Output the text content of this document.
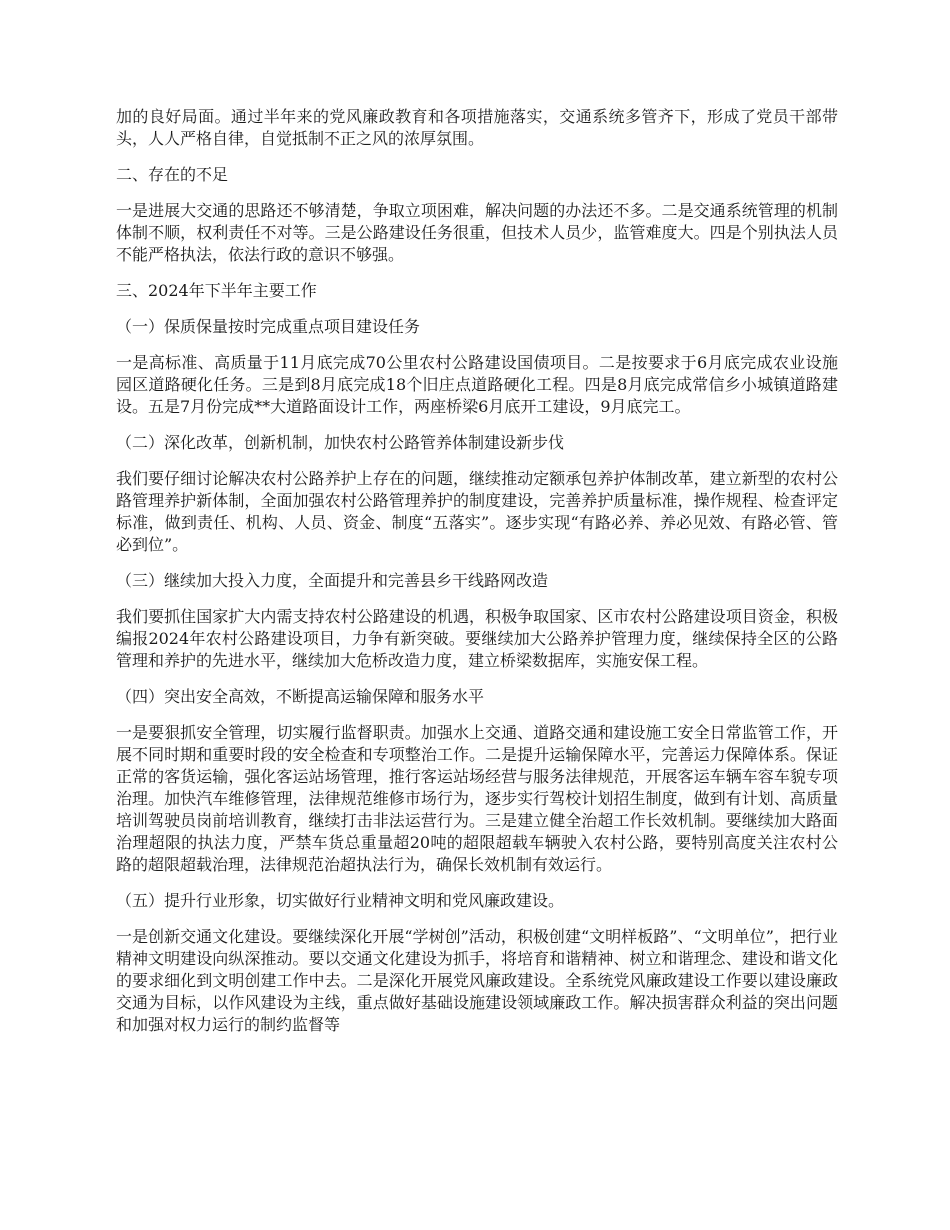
加的良好局面。通过半年来的党风廉政教育和各项措施落实，交通系统多管齐下，形成了党员干部带头，人人严格自律，自觉抵制不正之风的浓厚氛围。

二、存在的不足

一是进展大交通的思路还不够清楚，争取立项困难，解决问题的办法还不多。二是交通系统管理的机制体制不顺，权利责任不对等。三是公路建设任务很重，但技术人员少，监管难度大。四是个别执法人员不能严格执法，依法行政的意识不够强。

三、2024年下半年主要工作

（一）保质保量按时完成重点项目建设任务

一是高标准、高质量于11月底完成70公里农村公路建设国债项目。二是按要求于6月底完成农业设施园区道路硬化任务。三是到8月底完成18个旧庄点道路硬化工程。四是8月底完成常信乡小城镇道路建设。五是7月份完成**大道路面设计工作，两座桥梁6月底开工建设，9月底完工。

（二）深化改革，创新机制，加快农村公路管养体制建设新步伐

我们要仔细讨论解决农村公路养护上存在的问题，继续推动定额承包养护体制改革，建立新型的农村公路管理养护新体制，全面加强农村公路管理养护的制度建设，完善养护质量标准，操作规程、检查评定标准，做到责任、机构、人员、资金、制度“五落实”。逐步实现“有路必养、养必见效、有路必管、管必到位”。

（三）继续加大投入力度，全面提升和完善县乡干线路网改造

我们要抓住国家扩大内需支持农村公路建设的机遇，积极争取国家、区市农村公路建设项目资金，积极编报2024年农村公路建设项目，力争有新突破。要继续加大公路养护管理力度，继续保持全区的公路管理和养护的先进水平，继续加大危桥改造力度，建立桥梁数据库，实施安保工程。

（四）突出安全高效，不断提高运输保障和服务水平

一是要狠抓安全管理，切实履行监督职责。加强水上交通、道路交通和建设施工安全日常监管工作，开展不同时期和重要时段的安全检查和专项整治工作。二是提升运输保障水平，完善运力保障体系。保证正常的客货运输，强化客运站场管理，推行客运站场经营与服务法律规范，开展客运车辆车容车貌专项治理。加快汽车维修管理，法律规范维修市场行为，逐步实行驾校计划招生制度，做到有计划、高质量培训驾驶员岗前培训教育，继续打击非法运营行为。三是建立健全治超工作长效机制。要继续加大路面治理超限的执法力度，严禁车货总重量超20吨的超限超载车辆驶入农村公路，要特别高度关注农村公路的超限超载治理，法律规范治超执法行为，确保长效机制有效运行。

（五）提升行业形象，切实做好行业精神文明和党风廉政建设。

一是创新交通文化建设。要继续深化开展“学树创”活动，积极创建“文明样板路”、“文明单位”，把行业精神文明建设向纵深推动。要以交通文化建设为抓手，将培育和谐精神、树立和谐理念、建设和谐文化的要求细化到文明创建工作中去。二是深化开展党风廉政建设。全系统党风廉政建设工作要以建设廉政交通为目标，以作风建设为主线，重点做好基础设施建设领域廉政工作。解决损害群众利益的突出问题和加强对权力运行的制约监督等
